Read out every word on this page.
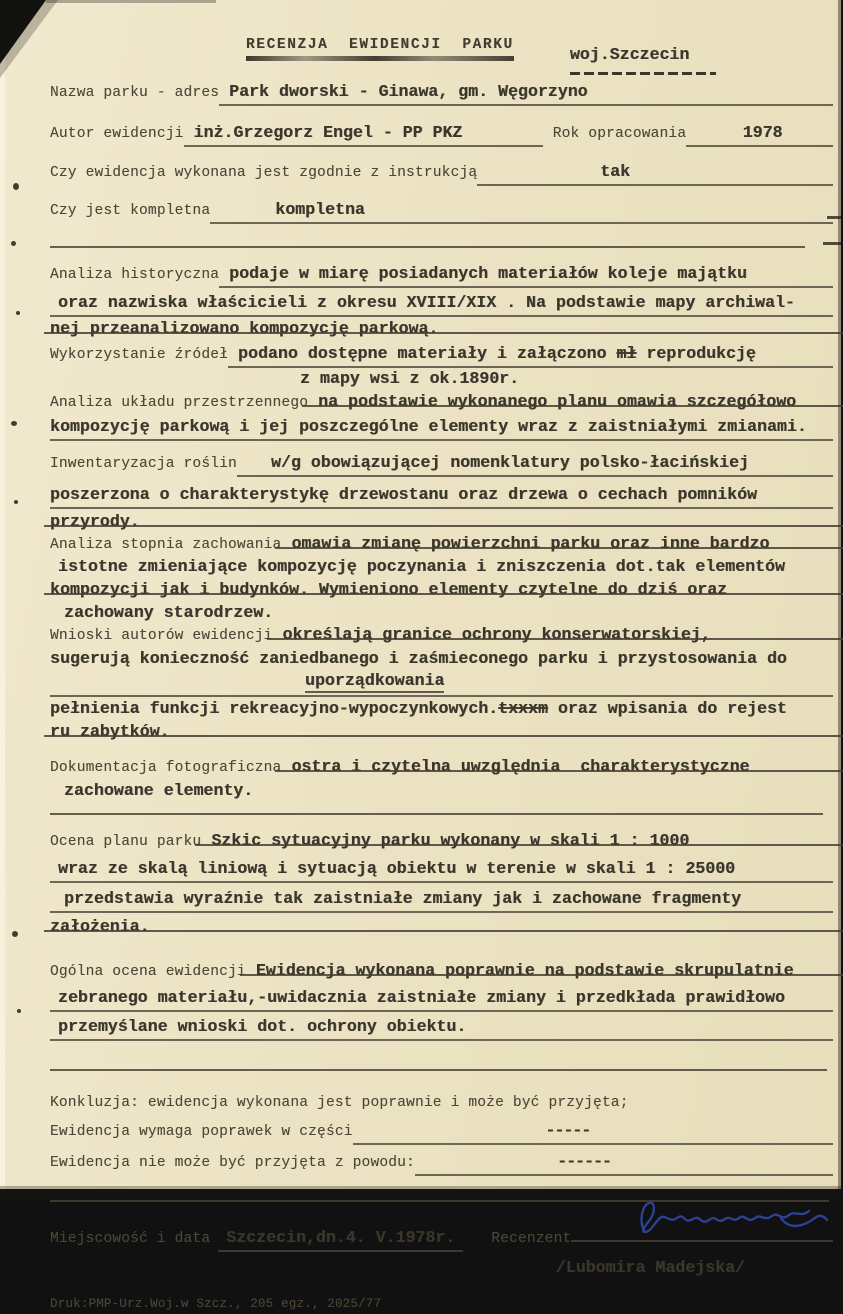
RECENZJA  EWIDENCJI  PARKU	woj.Szczecin
Nazwa parku - adres Park dworski - Ginawa, gm. Węgorzyno
Autor ewidencji inż.Grzegorz Engel - PP PKZ	Rok opracowania	1978
Czy ewidencja wykonana jest zgodnie z instrukcją	tak
Czy jest kompletna	kompletna
Analiza historyczna podaje w miarę posiadanych materiałów koleje majątku
oraz nazwiska właścicieli z okresu XVIII/XIX . Na podstawie mapy archiwal-
nej przeanalizowano kompozycję parkową.
Wykorzystanie źródeł podano dostępne materiały i załączono mł reprodukcję
z mapy wsi z ok.1890r.
Analiza układu przestrzennego na podstawie wykonanego planu omawia szczegółowo
kompozycję parkową i jej poszczególne elementy wraz z zaistniałymi zmianami.
Inwentaryzacja roślin w/g obowiązującej nomenklatury polsko-łacińskiej
poszerzona o charakterystykę drzewostanu oraz drzewa o cechach pomników
przyrody.
Analiza stopnia zachowania omawia zmianę powierzchni parku oraz inne bardzo
istotne zmieniające kompozycję poczynania i zniszczenia dot.tak elementów
kompozycji jak i budynków. Wymieniono elementy czytelne do dziś oraz
zachowany starodrzew.
Wnioski autorów ewidencji określają granice ochrony konserwatorskiej,
sugerują konieczność zaniedbanego i zaśmieconego parku i przystosowania do
uporządkowania
pełnienia funkcji rekreacyjno-wypoczynkowych. txxxm oraz wpisania do rejest
ru zabytków.
Dokumentacja fotograficzna ostra i czytelna uwzględnia  charakterystyczne
zachowane elementy.
Ocena planu parku Szkic sytuacyjny parku wykonany w skali 1 : 1000
wraz ze skalą liniową i sytuacją obiektu w terenie w skali 1 : 25000
przedstawia wyraźnie tak zaistniałe zmiany jak i zachowane fragmenty
założenia.
Ogólna ocena ewidencji Ewidencja wykonana poprawnie na podstawie skrupulatnie
zebranego materiału,-uwidacznia zaistniałe zmiany i przedkłada prawidłowo
przemyślane wnioski dot. ochrony obiektu.
Konkluzja: ewidencja wykonana jest poprawnie i może być przyjęta;
Ewidencja wymaga poprawek w części	-----
Ewidencja nie może być przyjęta z powodu:	------
Miejscowość i data Szczecin,dn.4. V.1978r.	Recenzent
/Lubomira Madejska/
Druk:PMP-Urz.Woj.w Szcz., 205 egz., 2025/77
